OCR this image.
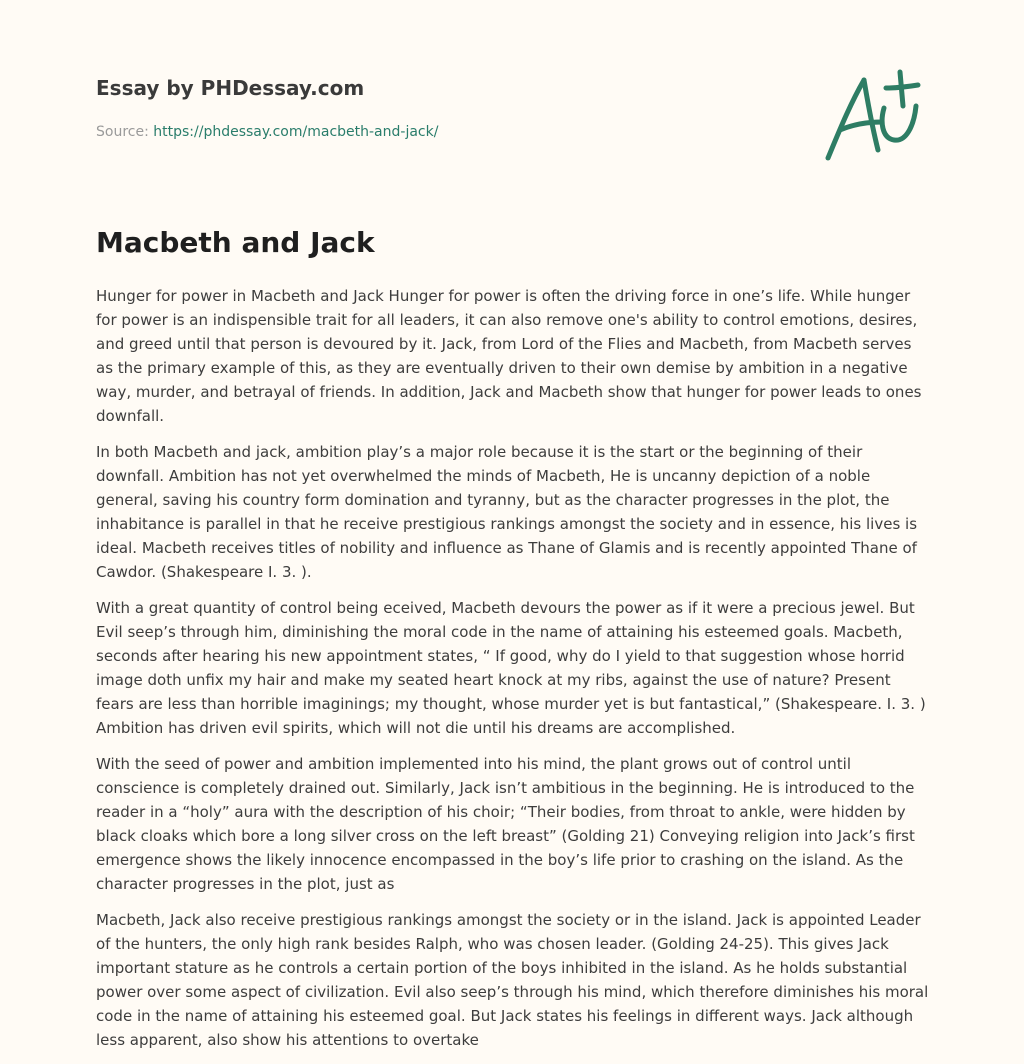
Essay by PHDessay.com
Source: https://phdessay.com/macbeth-and-jack/
Macbeth and Jack

Hunger for power in Macbeth and Jack Hunger for power is often the driving force in one’s life. While hunger for power is an indispensible trait for all leaders, it can also remove one's ability to control emotions, desires, and greed until that person is devoured by it. Jack, from Lord of the Flies and Macbeth, from Macbeth serves as the primary example of this, as they are eventually driven to their own demise by ambition in a negative way, murder, and betrayal of friends. In addition, Jack and Macbeth show that hunger for power leads to ones downfall.

In both Macbeth and jack, ambition play’s a major role because it is the start or the beginning of their downfall. Ambition has not yet overwhelmed the minds of Macbeth, He is uncanny depiction of a noble general, saving his country form domination and tyranny, but as the character progresses in the plot, the inhabitance is parallel in that he receive prestigious rankings amongst the society and in essence, his lives is ideal. Macbeth receives titles of nobility and influence as Thane of Glamis and is recently appointed Thane of Cawdor. (Shakespeare I. 3. ).

With a great quantity of control being eceived, Macbeth devours the power as if it were a precious jewel. But Evil seep’s through him, diminishing the moral code in the name of attaining his esteemed goals. Macbeth, seconds after hearing his new appointment states, “ If good, why do I yield to that suggestion whose horrid image doth unfix my hair and make my seated heart knock at my ribs, against the use of nature? Present fears are less than horrible imaginings; my thought, whose murder yet is but fantastical,” (Shakespeare. I. 3. ) Ambition has driven evil spirits, which will not die until his dreams are accomplished.

With the seed of power and ambition implemented into his mind, the plant grows out of control until conscience is completely drained out. Similarly, Jack isn’t ambitious in the beginning. He is introduced to the reader in a “holy” aura with the description of his choir; “Their bodies, from throat to ankle, were hidden by black cloaks which bore a long silver cross on the left breast” (Golding 21) Conveying religion into Jack’s first emergence shows the likely innocence encompassed in the boy’s life prior to crashing on the island. As the character progresses in the plot, just as

Macbeth, Jack also receive prestigious rankings amongst the society or in the island. Jack is appointed Leader of the hunters, the only high rank besides Ralph, who was chosen leader. (Golding 24-25). This gives Jack important stature as he controls a certain portion of the boys inhibited in the island. As he holds substantial power over some aspect of civilization. Evil also seep’s through his mind, which therefore diminishes his moral code in the name of attaining his esteemed goal. But Jack states his feelings in different ways. Jack although less apparent, also show his attentions to overtake
